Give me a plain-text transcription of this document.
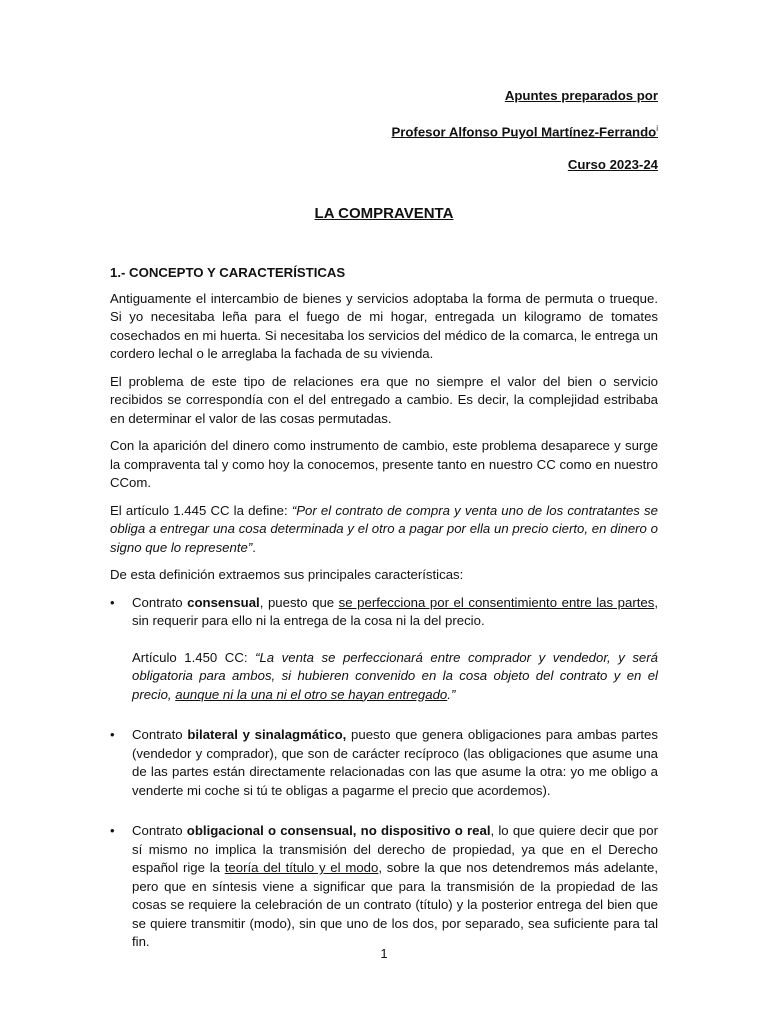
Apuntes preparados por

Profesor Alfonso Puyol Martínez-Ferrando$^i$

Curso 2023-24

LA COMPRAVENTA
1.- CONCEPTO Y CARACTERÍSTICAS

Antiguamente el intercambio de bienes y servicios adoptaba la forma de permuta o trueque. Si yo necesitaba leña para el fuego de mi hogar, entregada un kilogramo de tomates cosechados en mi huerta. Si necesitaba los servicios del médico de la comarca, le entrega un cordero lechal o le arreglaba la fachada de su vivienda.

El problema de este tipo de relaciones era que no siempre el valor del bien o servicio recibidos se correspondía con el del entregado a cambio. Es decir, la complejidad estribaba en determinar el valor de las cosas permutadas.

Con la aparición del dinero como instrumento de cambio, este problema desaparece y surge la compraventa tal y como hoy la conocemos, presente tanto en nuestro CC como en nuestro CCom.

El artículo 1.445 CC la define: “Por el contrato de compra y venta uno de los contratantes se obliga a entregar una cosa determinada y el otro a pagar por ella un precio cierto, en dinero o signo que lo represente”.

De esta definición extraemos sus principales características:

• Contrato consensual, puesto que se perfecciona por el consentimiento entre las partes, sin requerir para ello ni la entrega de la cosa ni la del precio.

Artículo 1.450 CC: “La venta se perfeccionará entre comprador y vendedor, y será obligatoria para ambos, si hubieren convenido en la cosa objeto del contrato y en el precio, aunque ni la una ni el otro se hayan entregado.”

• Contrato bilateral y sinalagmático, puesto que genera obligaciones para ambas partes (vendedor y comprador), que son de carácter recíproco (las obligaciones que asume una de las partes están directamente relacionadas con las que asume la otra: yo me obligo a venderte mi coche si tú te obligas a pagarme el precio que acordemos).
• Contrato obligacional o consensual, no dispositivo o real, lo que quiere decir que por sí mismo no implica la transmisión del derecho de propiedad, ya que en el Derecho español rige la teoría del título y el modo, sobre la que nos detendremos más adelante, pero que en síntesis viene a significar que para la transmisión de la propiedad de las cosas se requiere la celebración de un contrato (título) y la posterior entrega del bien que se quiere transmitir (modo), sin que uno de los dos, por separado, sea suficiente para tal fin.
1
